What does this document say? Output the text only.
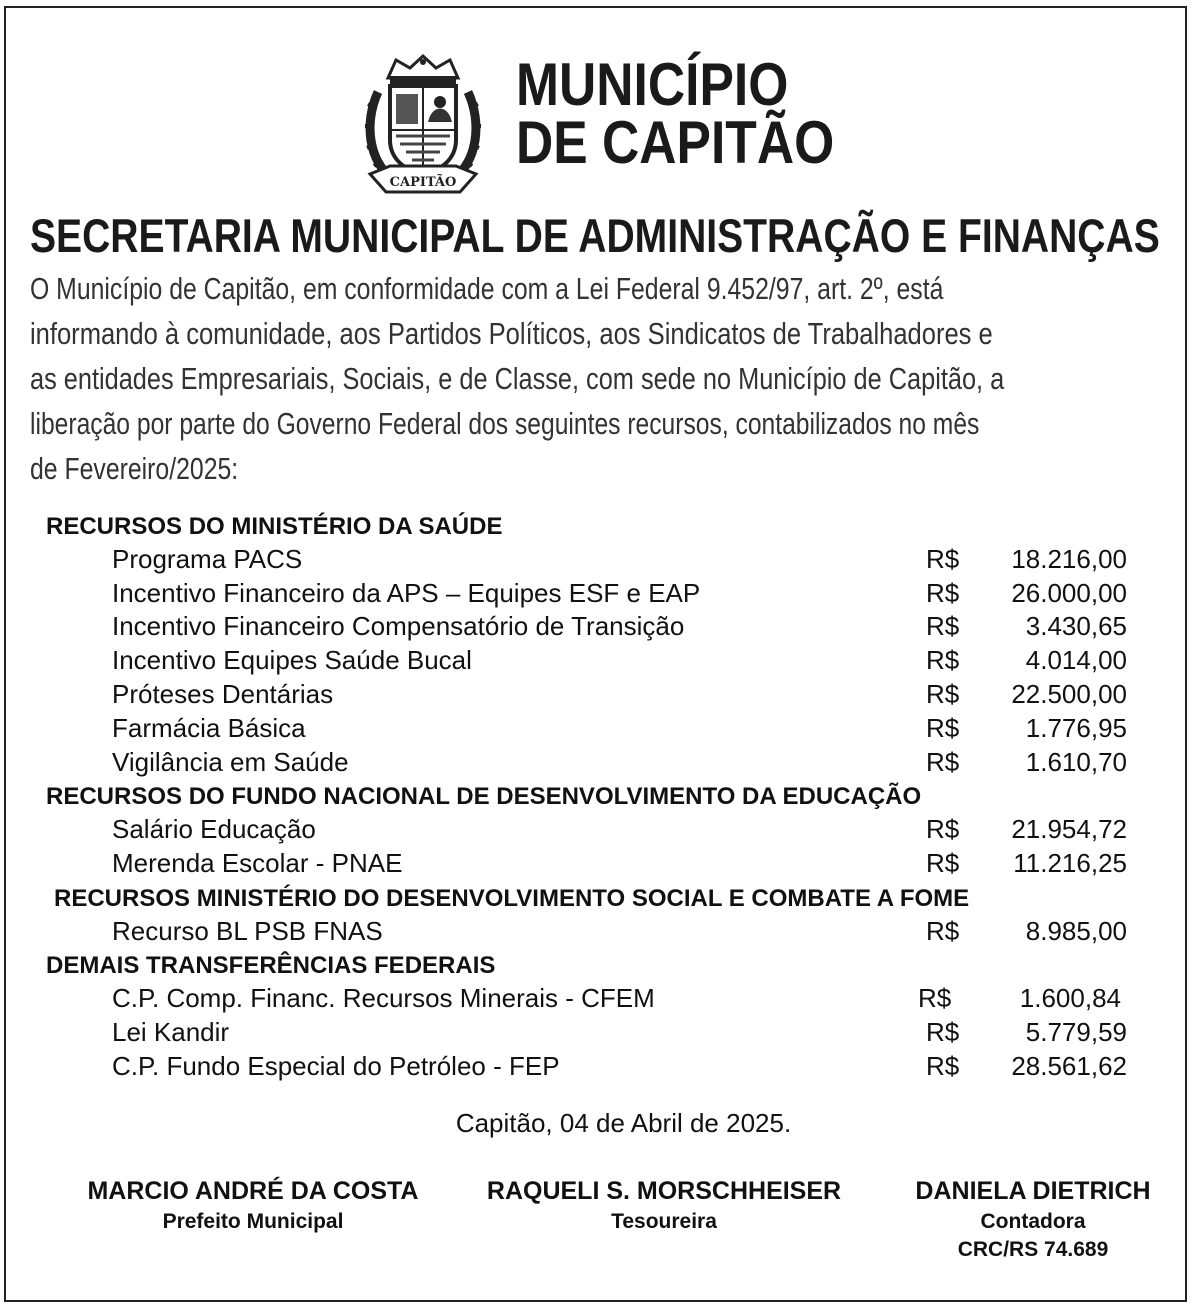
CAPITÃO
MUNICÍPIO
DE CAPITÃO
SECRETARIA MUNICIPAL DE ADMINISTRAÇÃO E FINANÇAS
O Município de Capitão, em conformidade com a Lei Federal 9.452/97, art. 2º, está
informando à comunidade, aos Partidos Políticos, aos Sindicatos de Trabalhadores e
as entidades Empresariais, Sociais, e de Classe, com sede no Município de Capitão, a
liberação por parte do Governo Federal dos seguintes recursos, contabilizados no mês
de Fevereiro/2025:
RECURSOS DO MINISTÉRIO DA SAÚDE
Programa PACS	R$ 18.216,00
Incentivo Financeiro da APS – Equipes ESF e EAP	R$ 26.000,00
Incentivo Financeiro Compensatório de Transição	R$	3.430,65
Incentivo Equipes Saúde Bucal	R$	4.014,00
Próteses Dentárias	R$ 22.500,00
Farmácia Básica	R$	1.776,95
Vigilância em Saúde	R$	1.610,70
RECURSOS DO FUNDO NACIONAL DE DESENVOLVIMENTO DA EDUCAÇÃO
Salário Educação	R$ 21.954,72
Merenda Escolar - PNAE	R$ 11.216,25
RECURSOS MINISTÉRIO DO DESENVOLVIMENTO SOCIAL E COMBATE A FOME
Recurso BL PSB FNAS	R$	8.985,00
DEMAIS TRANSFERÊNCIAS FEDERAIS
C.P. Comp. Financ. Recursos Minerais - CFEM	R$	1.600,84
Lei Kandir	R$	5.779,59
C.P. Fundo Especial do Petróleo - FEP	R$ 28.561,62
Capitão, 04 de Abril de 2025.
MARCIO ANDRÉ DA COSTA
Prefeito Municipal
RAQUELI S. MORSCHHEISER
Tesoureira
DANIELA DIETRICH
Contadora
CRC/RS 74.689
